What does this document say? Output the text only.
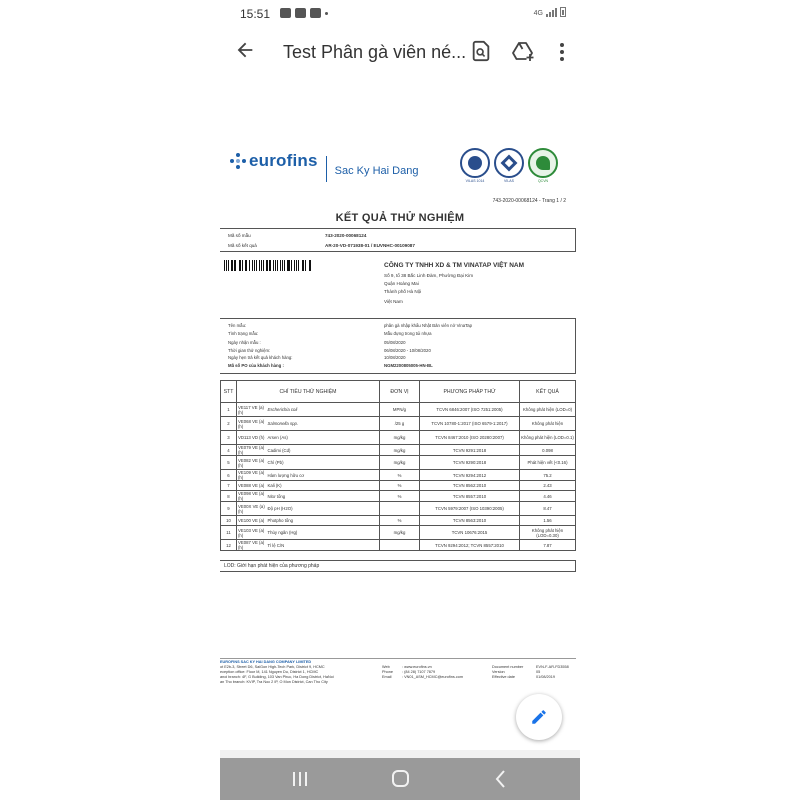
15:51	4G
Test Phân gà viên né...
eurofins
Sac Ky Hai Dang
VILAS 1014	VILAS	QCVN
743-2020-00068124 - Trang 1 / 2
KẾT QUẢ THỬ NGHIỆM
Mã số mẫu	743-2020-00068124
Mã số kết quả	AR-20-VD-071938-01 / EUVNHC-00109087
CÔNG TY TNHH XD & TM VINATAP VIỆT NAM
Số 9, tổ 38 Bắc Linh Đàm, Phường Đại Kim
Quận Hoàng Mai
Thành phố Hà Nội
Việt Nam
Tên mẫu:	phân gà nhập khẩu Nhật Bản viên nở VinaTap
Tình trạng mẫu:	Mẫu đựng trong túi nhựa
Ngày nhận mẫu :	05/08/2020
Thời gian thử nghiệm:	06/08/2020 - 10/08/2020
Ngày hẹn trả kết quả khách hàng:	10/08/2020
Mã số PO của khách hàng :	NGM2200805005-HN-BL
STT	CHỈ TIÊU THỬ NGHIỆM		ĐƠN VỊ	PHƯƠNG PHÁP THỬ	KẾT QUẢ
1	VE117 VE (a)(h)	Escherichia coli	MPN/g	TCVN 6846:2007 (ISO 7251:2005)	Không phát hiện (LOD=0)
2	VE068 VE (a)(h)	Salmonella spp.	/25 g	TCVN 10780-1:2017 (ISO 6579-1:2017)	Không phát hiện
3	VD113 VD (h)	Arsen (As)	mg/kg	TCVN 8467:2010 (ISO 20280:2007)	Không phát hiện (LOD=0.1)
4	VE079 VE (a)(h)	Cadimi (Cd)	mg/kg	TCVN 9291:2018	0.098
5	VE082 VE (a)(h)	Chì (Pb)	mg/kg	TCVN 9290:2018	Phát hiện vết (<0.16)
6	VE109 VE (a)(h)	Hàm lượng hữu cơ	%	TCVN 9294:2012	75.2
7	VE088 VE (a)	Kali (K)	%	TCVN 8562:2010	2.43
8	VE098 VE (a)(h)	Nitơ tổng	%	TCVN 8557:2010	4.46
9	VE00X VE (a)(h)	Độ pH (H2O)		TCVN 5979:2007 (ISO 10390:2005)	8.47
10	VE100 VE (a)	Photpho tổng	%	TCVN 8563:2010	1.56
11	VE103 VE (a)(h)	Thủy ngân (Hg)	mg/kg	TCVN 10676:2015	Không phát hiện (LOD=0.30)
12	VE087 VE (a)(h)	Tỉ lệ C/N		TCVN 9294:2012; TCVN 8557:2010	7.87
LOD: Giới hạn phát hiện của phương pháp
EUROFINS SAC KY HAI DANG COMPANY LIMITED
ot E2b-3, Street D6, SaiGon High-Tech Park, District 9, HCMC
eception office: Floor M, 141 Nguyen Du, District 1, HCMC
anoi branch: 4F, G Building, 103 Van Phuc, Ha Dong District, HaNoi
an Tho branch: KVIP, Tra Noc 2 IP, O Mon District, Can Tho City
Web
Phone
Email
: www.eurofins.vn
: (84 28) 7107 7879
: VN01_ASM_HCMC@eurofins.com
Document number
Version
Effective date
EVN-F-AR-FD3558
05
01/08/2019
